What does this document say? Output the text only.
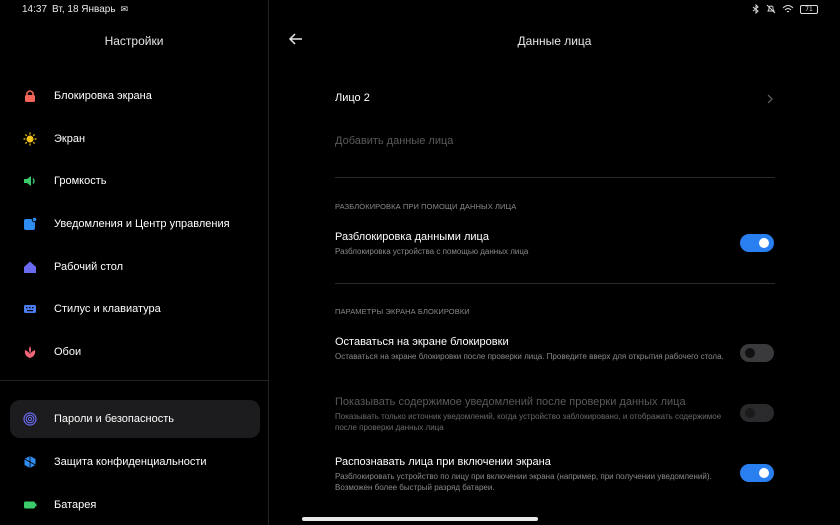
14:37 Вт, 18 Январь ✉	71
Настройки
Блокировка экрана
Экран
Громкость
Уведомления и Центр управления
Рабочий стол
Стилус и клавиатура
Обои
Пароли и безопасность
Защита конфиденциальности
Батарея
Данные лица
Лицо 2
Добавить данные лица
РАЗБЛОКИРОВКА ПРИ ПОМОЩИ ДАННЫХ ЛИЦА
Разблокировка данными лица
Разблокировка устройства с помощью данных лица
ПАРАМЕТРЫ ЭКРАНА БЛОКИРОВКИ
Оставаться на экране блокировки
Оставаться на экране блокировки после проверки лица. Проведите вверх для открытия рабочего стола.
Показывать содержимое уведомлений после проверки данных лица
Показывать только источник уведомлений, когда устройство заблокировано, и отображать содержимое после проверки данных лица
Распознавать лица при включении экрана
Разблокировать устройство по лицу при включении экрана (например, при получении уведомлений). Возможен более быстрый разряд батареи.
